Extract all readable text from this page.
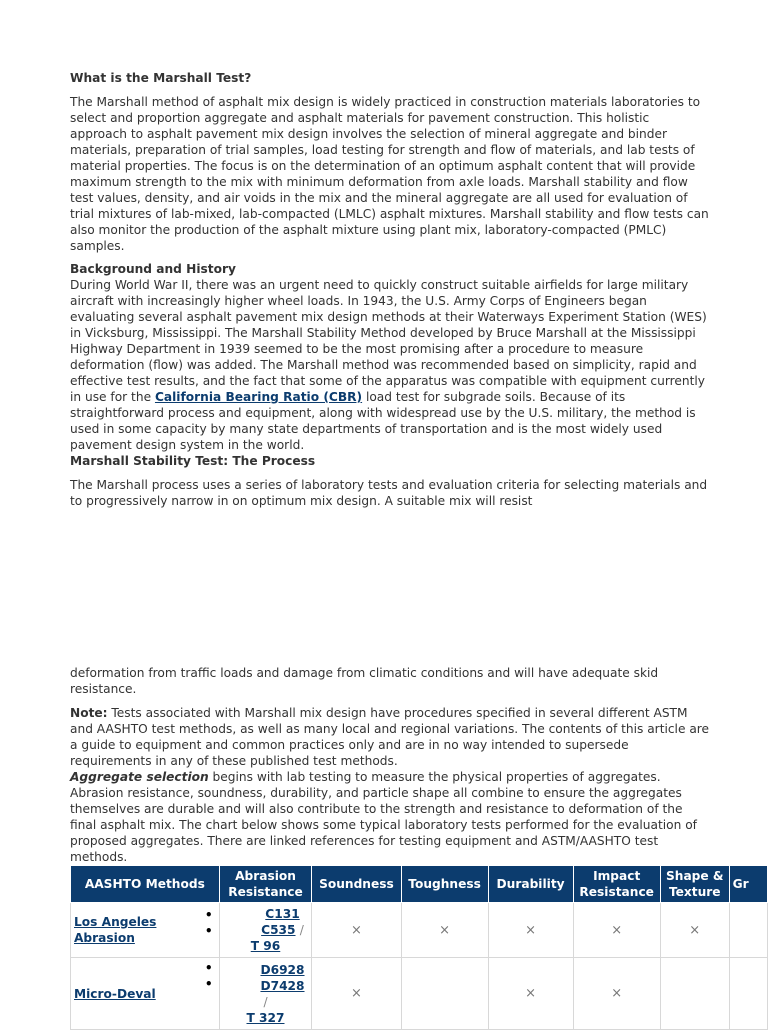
What is the Marshall Test?

The Marshall method of asphalt mix design is widely practiced in construction materials laboratories to select and proportion aggregate and asphalt materials for pavement construction. This holistic approach to asphalt pavement mix design involves the selection of mineral aggregate and binder materials, preparation of trial samples, load testing for strength and flow of materials, and lab tests of material properties. The focus is on the determination of an optimum asphalt content that will provide maximum strength to the mix with minimum deformation from axle loads. Marshall stability and flow test values, density, and air voids in the mix and the mineral aggregate are all used for evaluation of trial mixtures of lab-mixed, lab-compacted (LMLC) asphalt mixtures. Marshall stability and flow tests can also monitor the production of the asphalt mixture using plant mix, laboratory-compacted (PMLC) samples.

Background and History

During World War II, there was an urgent need to quickly construct suitable airfields for large military aircraft with increasingly higher wheel loads. In 1943, the U.S. Army Corps of Engineers began evaluating several asphalt pavement mix design methods at their Waterways Experiment Station (WES) in Vicksburg, Mississippi. The Marshall Stability Method developed by Bruce Marshall at the Mississippi Highway Department in 1939 seemed to be the most promising after a procedure to measure deformation (flow) was added. The Marshall method was recommended based on simplicity, rapid and effective test results, and the fact that some of the apparatus was compatible with equipment currently in use for the California Bearing Ratio (CBR) load test for subgrade soils. Because of its straightforward process and equipment, along with widespread use by the U.S. military, the method is used in some capacity by many state departments of transportation and is the most widely used pavement design system in the world.

Marshall Stability Test: The Process

The Marshall process uses a series of laboratory tests and evaluation criteria for selecting materials and to progressively narrow in on optimum mix design. A suitable mix will resist

deformation from traffic loads and damage from climatic conditions and will have adequate skid resistance.

Note: Tests associated with Marshall mix design have procedures specified in several different ASTM and AASHTO test methods, as well as many local and regional variations. The contents of this article are a guide to equipment and common practices only and are in no way intended to supersede requirements in any of these published test methods.

Aggregate selection begins with lab testing to measure the physical properties of aggregates. Abrasion resistance, soundness, durability, and particle shape all combine to ensure the aggregates themselves are durable and will also contribute to the strength and resistance to deformation of the final asphalt mix. The chart below shows some typical laboratory tests performed for the evaluation of proposed aggregates. There are linked references for testing equipment and ASTM/AASHTO test methods.

AASHTO Methods	Abrasion Resistance	Soundness	Toughness	Durability	Impact Resistance	Shape & Texture	Gr

•
•
Los Angeles Abrasion	C131
C535 /
T 96	×	×	×	×	×	

•
•
Micro-Deval	D6928
D7428
/
T 327	×		×	×		
